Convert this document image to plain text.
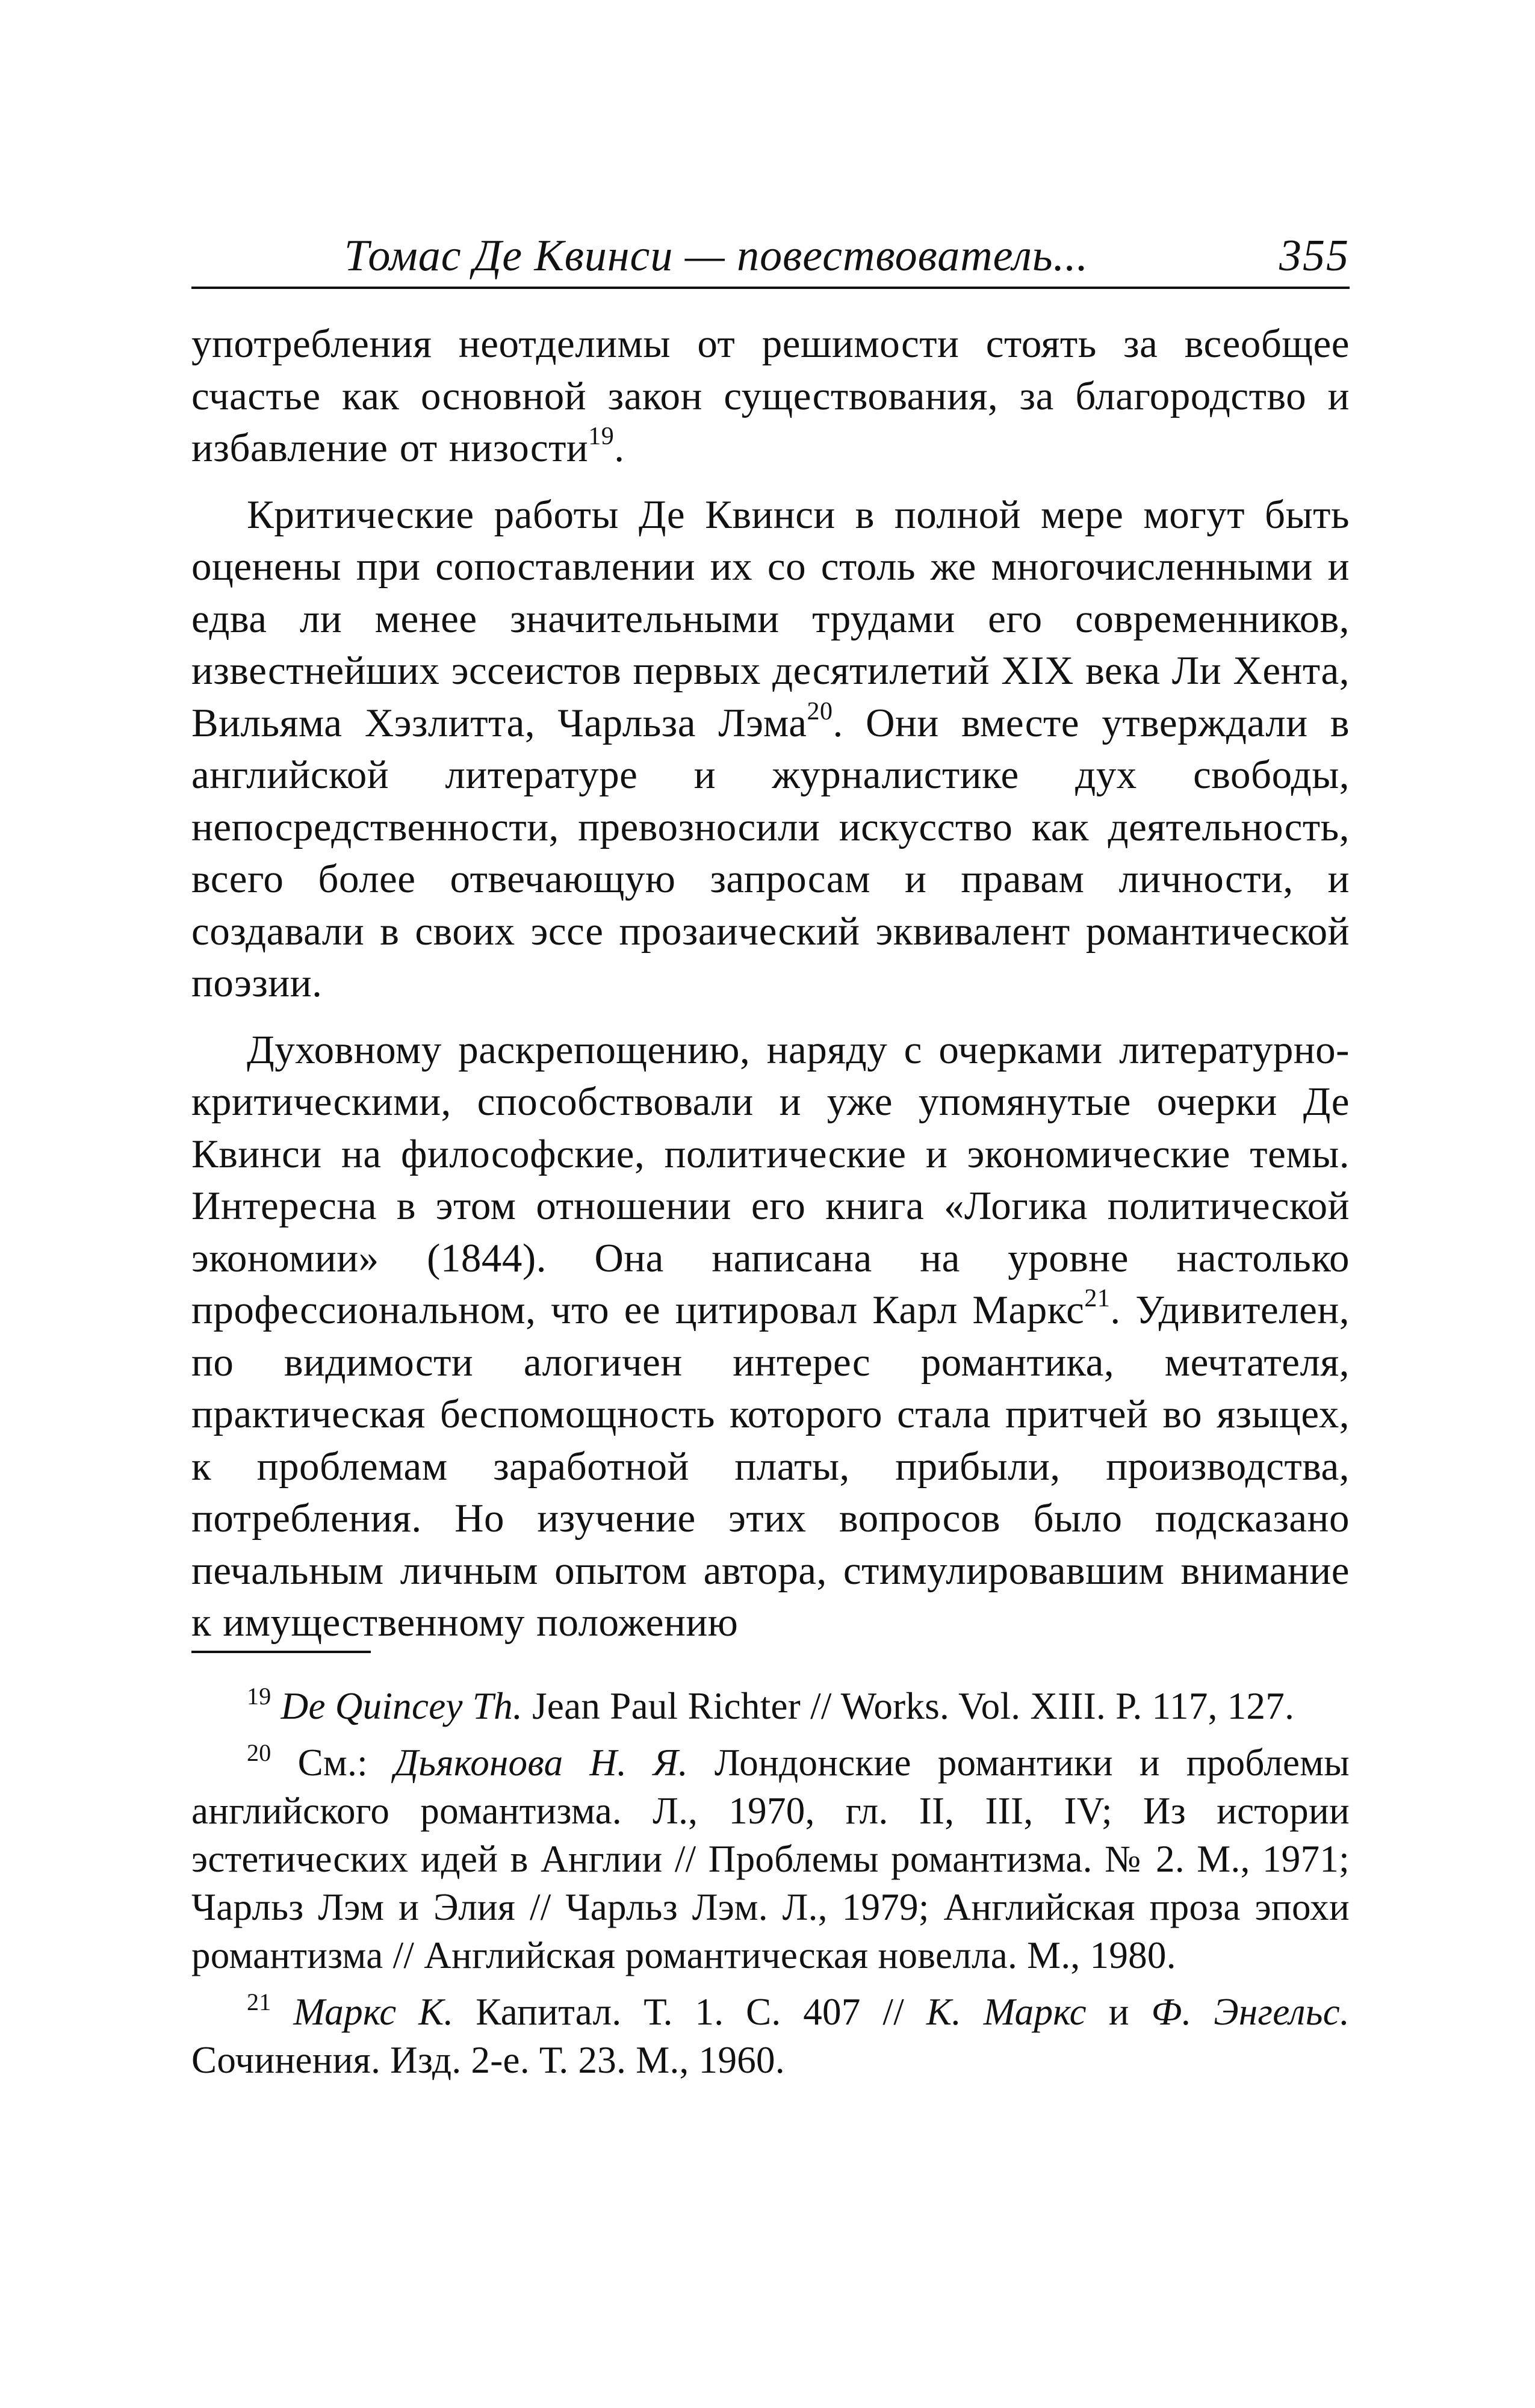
Томас Де Квинси — повествователь...	355

употребления неотделимы от решимости стоять за всеобщее счастье как основной закон существования, за благородство и избавление от низости$^{19}$.

Критические работы Де Квинси в полной мере могут быть оценены при сопоставлении их со столь же многочисленными и едва ли менее значительными трудами его современников, известнейших эссеистов первых десятилетий XIX века Ли Хента, Вильяма Хэзлитта, Чарльза Лэма$^{20}$. Они вместе утверждали в английской литературе и журналистике дух свободы, непосредственности, превозносили искусство как деятельность, всего более отвечающую запросам и правам личности, и создавали в своих эссе прозаический эквивалент романтической поэзии.

Духовному раскрепощению, наряду с очерками литературно-критическими, способствовали и уже упомянутые очерки Де Квинси на философские, политические и экономические темы. Интересна в этом отношении его книга «Логика политической экономии» (1844). Она написана на уровне настолько профессиональном, что ее цитировал Карл Маркс$^{21}$. Удивителен, по видимости алогичен интерес романтика, мечтателя, практическая беспомощность которого стала притчей во языцех, к проблемам заработной платы, прибыли, производства, потребления. Но изучение этих вопросов было подсказано печальным личным опытом автора, стимулировавшим внимание к имущественному положению

$^{19}$ De Quincey Th. Jean Paul Richter // Works. Vol. XIII. P. 117, 127.

$^{20}$ См.: Дьяконова Н. Я. Лондонские романтики и проблемы английского романтизма. Л., 1970, гл. II, III, IV; Из истории эстетических идей в Англии // Проблемы романтизма. № 2. М., 1971; Чарльз Лэм и Элия // Чарльз Лэм. Л., 1979; Английская проза эпохи романтизма // Английская романтическая новелла. М., 1980.

$^{21}$ Маркс К. Капитал. Т. 1. С. 407 // К. Маркс и Ф. Энгельс. Сочинения. Изд. 2-е. Т. 23. М., 1960.
